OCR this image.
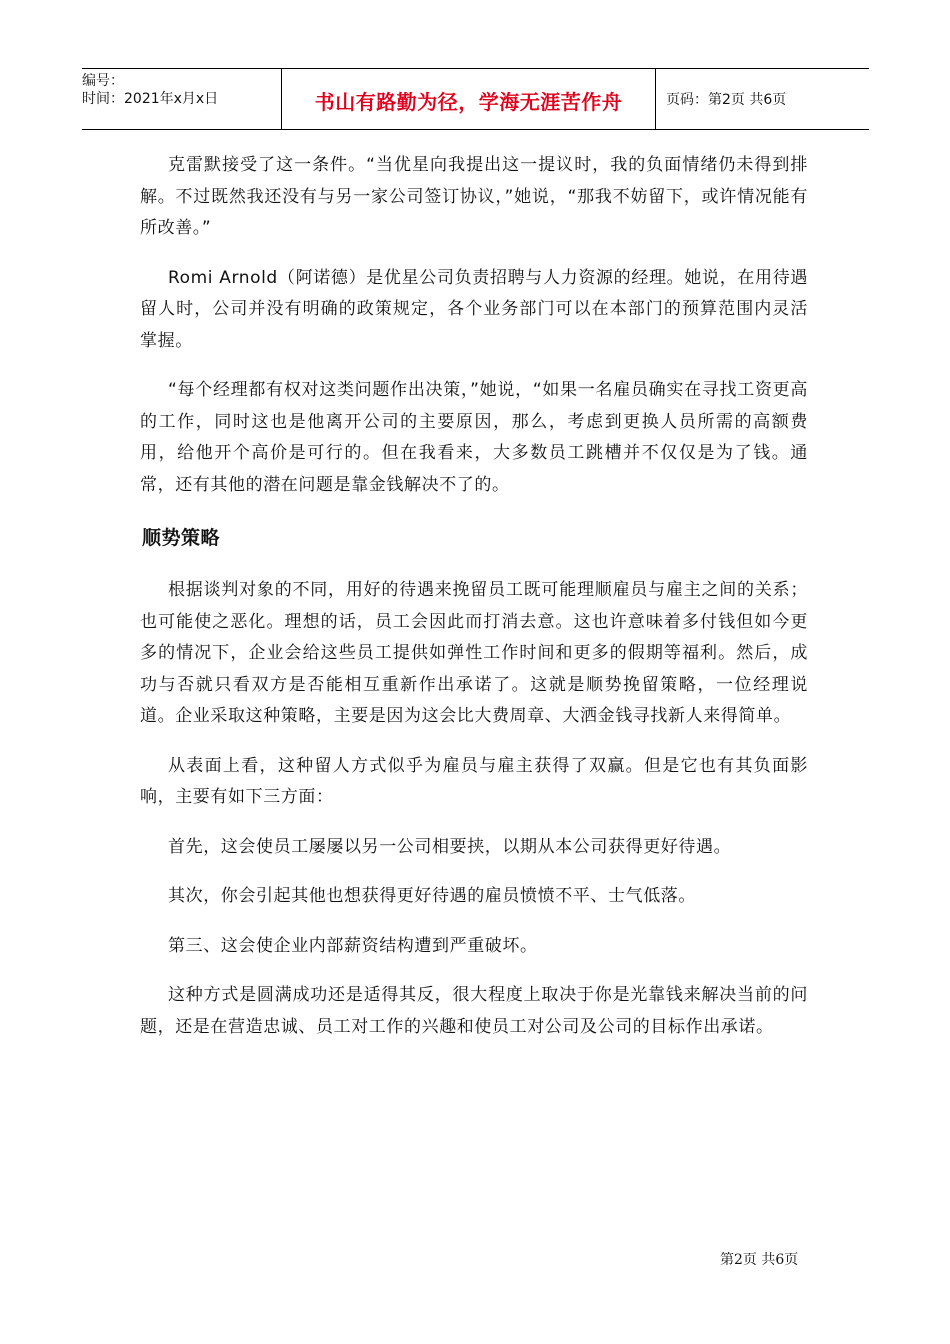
编号：
时间：2021年x月x日	书山有路勤为径，学海无涯苦作舟	页码：第2页 共6页

克雷默接受了这一条件。“当优星向我提出这一提议时，我的负面情绪仍未得到排解。不过既然我还没有与另一家公司签订协议，”她说，“那我不妨留下，或许情况能有所改善。”

Romi Arnold（阿诺德）是优星公司负责招聘与人力资源的经理。她说，在用待遇留人时，公司并没有明确的政策规定，各个业务部门可以在本部门的预算范围内灵活掌握。

“每个经理都有权对这类问题作出决策，”她说，“如果一名雇员确实在寻找工资更高的工作，同时这也是他离开公司的主要原因，那么，考虑到更换人员所需的高额费用，给他开个高价是可行的。但在我看来，大多数员工跳槽并不仅仅是为了钱。通常，还有其他的潜在问题是靠金钱解决不了的。

顺势策略

根据谈判对象的不同，用好的待遇来挽留员工既可能理顺雇员与雇主之间的关系；也可能使之恶化。理想的话，员工会因此而打消去意。这也许意味着多付钱但如今更多的情况下，企业会给这些员工提供如弹性工作时间和更多的假期等福利。然后，成功与否就只看双方是否能相互重新作出承诺了。这就是顺势挽留策略，一位经理说道。企业采取这种策略，主要是因为这会比大费周章、大洒金钱寻找新人来得简单。

从表面上看，这种留人方式似乎为雇员与雇主获得了双赢。但是它也有其负面影响，主要有如下三方面：

首先，这会使员工屡屡以另一公司相要挟，以期从本公司获得更好待遇。

其次，你会引起其他也想获得更好待遇的雇员愤愤不平、士气低落。

第三、这会使企业内部薪资结构遭到严重破坏。

这种方式是圆满成功还是适得其反，很大程度上取决于你是光靠钱来解决当前的问题，还是在营造忠诚、员工对工作的兴趣和使员工对公司及公司的目标作出承诺。

第2页 共6页
